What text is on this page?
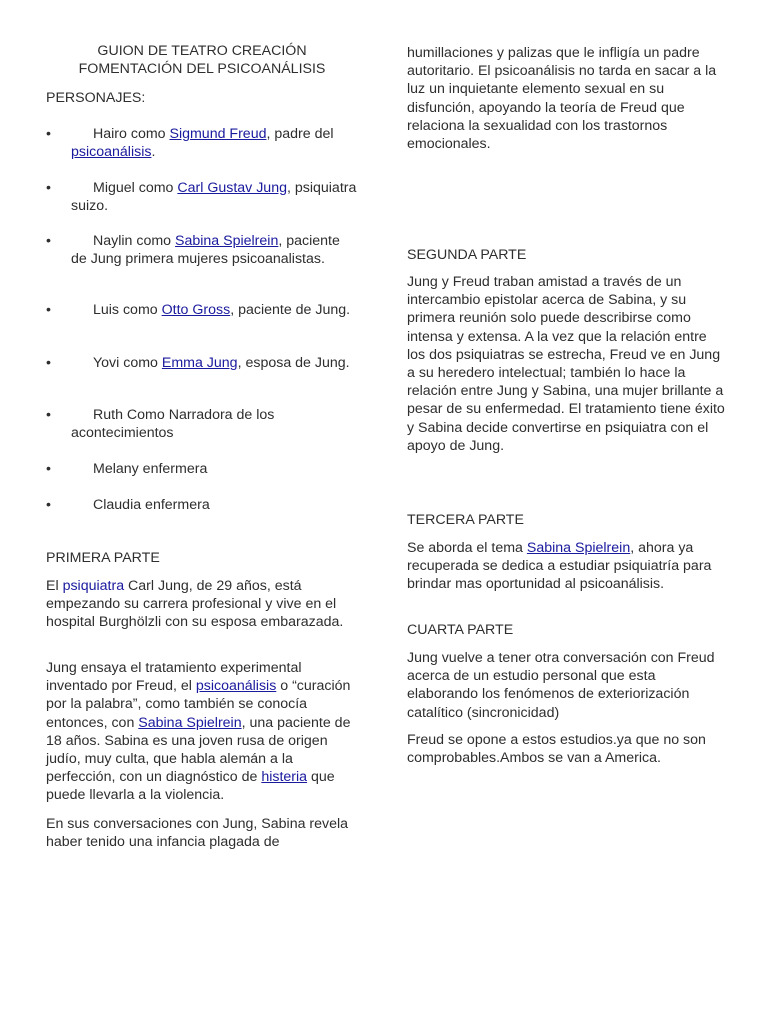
GUION DE TEATRO CREACIÓN
FOMENTACIÓN DEL PSICOANÁLISIS
PERSONAJES:
•	Hairo como Sigmund Freud, padre del psicoanálisis.

•	Miguel como Carl Gustav Jung, psiquiatra suizo.

•	Naylin como Sabina Spielrein, paciente de Jung primera mujeres psicoanalistas.

•	Luis como Otto Gross, paciente de Jung.

•	Yovi como Emma Jung, esposa de Jung.

•	Ruth Como Narradora de los acontecimientos

•	Melany enfermera

•	Claudia enfermera

PRIMERA PARTE

El psiquiatra Carl Jung, de 29 años, está empezando su carrera profesional y vive en el hospital Burghölzli con su esposa embarazada.

Jung ensaya el tratamiento experimental inventado por Freud, el psicoanálisis o “curación por la palabra”, como también se conocía entonces, con Sabina Spielrein, una paciente de 18 años. Sabina es una joven rusa de origen judío, muy culta, que habla alemán a la perfección, con un diagnóstico de histeria que puede llevarla a la violencia.

En sus conversaciones con Jung, Sabina revela haber tenido una infancia plagada de

humillaciones y palizas que le infligía un padre autoritario. El psicoanálisis no tarda en sacar a la luz un inquietante elemento sexual en su disfunción, apoyando la teoría de Freud que relaciona la sexualidad con los trastornos emocionales.

SEGUNDA PARTE

Jung y Freud traban amistad a través de un intercambio epistolar acerca de Sabina, y su primera reunión solo puede describirse como intensa y extensa. A la vez que la relación entre los dos psiquiatras se estrecha, Freud ve en Jung a su heredero intelectual; también lo hace la relación entre Jung y Sabina, una mujer brillante a pesar de su enfermedad. El tratamiento tiene éxito y Sabina decide convertirse en psiquiatra con el apoyo de Jung.

TERCERA PARTE

Se aborda el tema Sabina Spielrein, ahora ya recuperada se dedica a estudiar psiquiatría para brindar mas oportunidad al psicoanálisis.

CUARTA PARTE

Jung vuelve a tener otra conversación con Freud acerca de un estudio personal que esta elaborando los fenómenos de exteriorización catalítico (sincronicidad)

Freud se opone a estos estudios.ya que no son comprobables.Ambos se van a America.
